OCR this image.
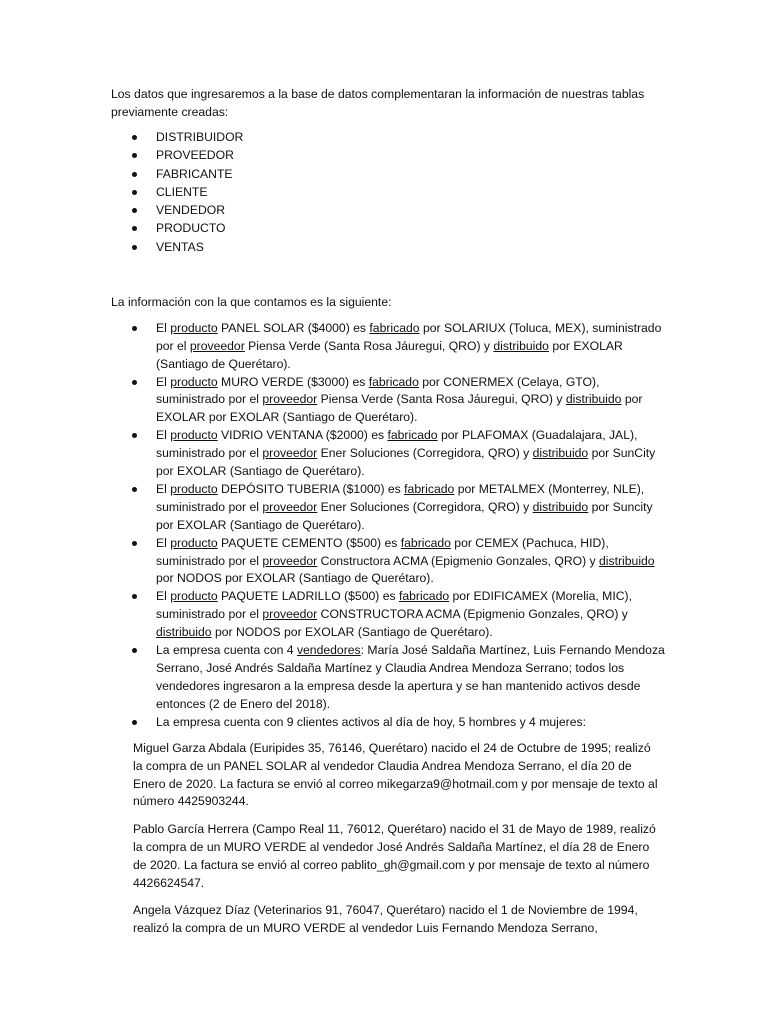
Los datos que ingresaremos a la base de datos complementaran la información de nuestras tablas previamente creadas:
DISTRIBUIDOR
PROVEEDOR
FABRICANTE
CLIENTE
VENDEDOR
PRODUCTO
VENTAS
La información con la que contamos es la siguiente:
El producto PANEL SOLAR ($4000) es fabricado por SOLARIUX (Toluca, MEX), suministrado por el proveedor Piensa Verde (Santa Rosa Jáuregui, QRO) y distribuido por EXOLAR (Santiago de Querétaro).
El producto MURO VERDE ($3000) es fabricado por CONERMEX (Celaya, GTO), suministrado por el proveedor Piensa Verde (Santa Rosa Jáuregui, QRO) y distribuido por EXOLAR por EXOLAR (Santiago de Querétaro).
El producto VIDRIO VENTANA ($2000) es fabricado por PLAFOMAX (Guadalajara, JAL), suministrado por el proveedor Ener Soluciones (Corregidora, QRO) y distribuido por SunCity por EXOLAR (Santiago de Querétaro).
El producto DEPÓSITO TUBERIA ($1000) es fabricado por METALMEX (Monterrey, NLE), suministrado por el proveedor Ener Soluciones (Corregidora, QRO) y distribuido por Suncity por EXOLAR (Santiago de Querétaro).
El producto PAQUETE CEMENTO ($500) es fabricado por CEMEX (Pachuca, HID), suministrado por el proveedor Constructora ACMA (Epigmenio Gonzales, QRO) y distribuido por NODOS por EXOLAR (Santiago de Querétaro).
El producto PAQUETE LADRILLO ($500) es fabricado por EDIFICAMEX (Morelia, MIC), suministrado por el proveedor CONSTRUCTORA ACMA (Epigmenio Gonzales, QRO) y distribuido por NODOS por EXOLAR (Santiago de Querétaro).
La empresa cuenta con 4 vendedores: María José Saldaña Martínez, Luis Fernando Mendoza Serrano, José Andrés Saldaña Martínez y Claudia Andrea Mendoza Serrano; todos los vendedores ingresaron a la empresa desde la apertura y se han mantenido activos desde entonces (2 de Enero del 2018).
La empresa cuenta con 9 clientes activos al día de hoy, 5 hombres y 4 mujeres:

Miguel Garza Abdala (Euripides 35, 76146, Querétaro) nacido el 24 de Octubre de 1995; realizó la compra de un PANEL SOLAR al vendedor Claudia Andrea Mendoza Serrano, el día 20 de Enero de 2020. La factura se envió al correo mikegarza9@hotmail.com y por mensaje de texto al número 4425903244.

Pablo García Herrera (Campo Real 11, 76012, Querétaro) nacido el 31 de Mayo de 1989, realizó la compra de un MURO VERDE al vendedor José Andrés Saldaña Martínez, el día 28 de Enero de 2020. La factura se envió al correo pablito_gh@gmail.com y por mensaje de texto al número 4426624547.

Angela Vázquez Díaz (Veterinarios 91, 76047, Querétaro) nacido el 1 de Noviembre de 1994, realizó la compra de un MURO VERDE al vendedor Luis Fernando Mendoza Serrano,
